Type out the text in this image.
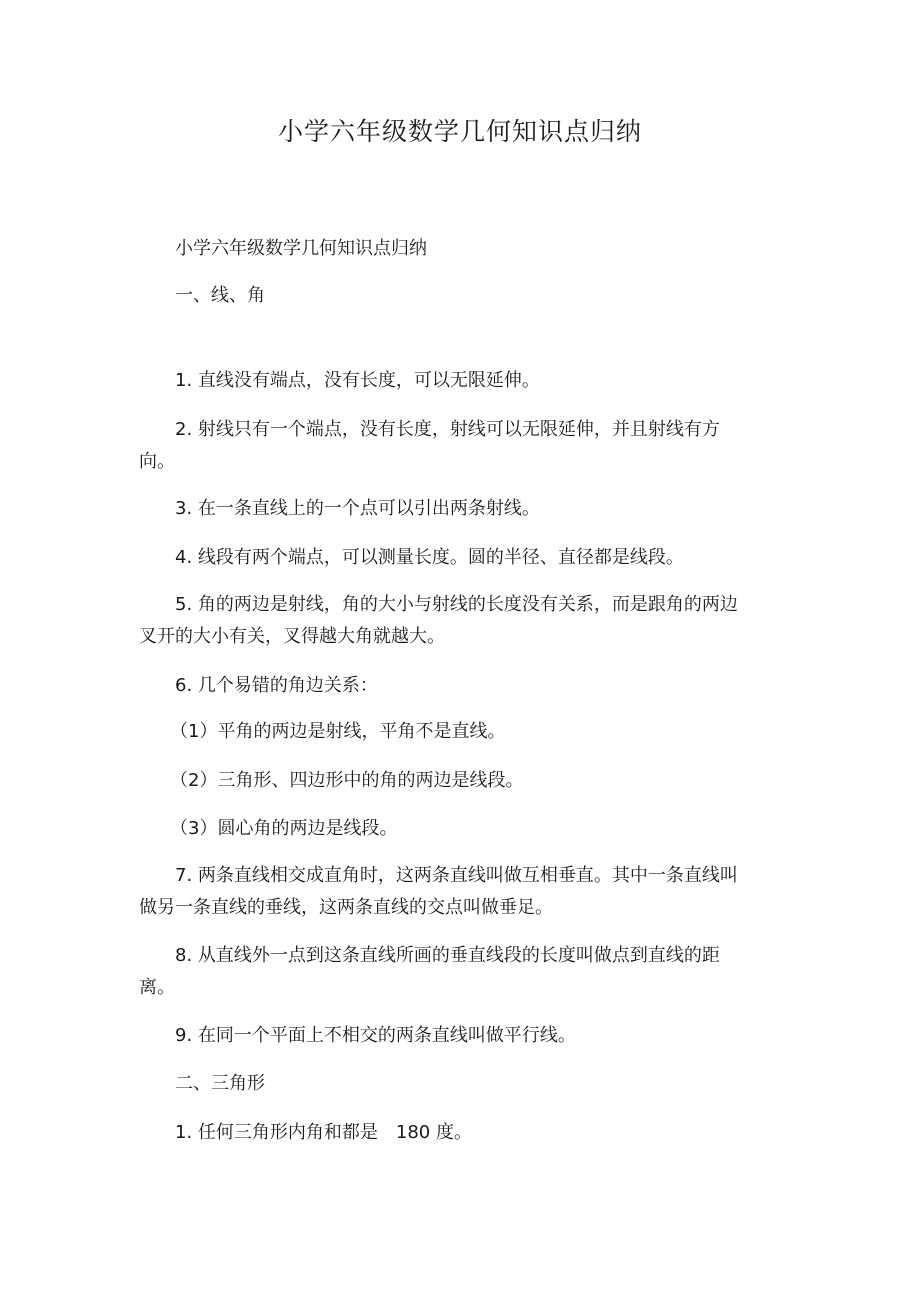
小学六年级数学几何知识点归纳

小学六年级数学几何知识点归纳

一、线、角

1. 直线没有端点，没有长度，可以无限延伸。

2. 射线只有一个端点，没有长度，射线可以无限延伸，并且射线有方向。

3. 在一条直线上的一个点可以引出两条射线。

4. 线段有两个端点，可以测量长度。圆的半径、直径都是线段。

5. 角的两边是射线，角的大小与射线的长度没有关系，而是跟角的两边叉开的大小有关，叉得越大角就越大。

6. 几个易错的角边关系：

（1）平角的两边是射线，平角不是直线。

（2）三角形、四边形中的角的两边是线段。

（3）圆心角的两边是线段。

7. 两条直线相交成直角时，这两条直线叫做互相垂直。其中一条直线叫做另一条直线的垂线，这两条直线的交点叫做垂足。

8. 从直线外一点到这条直线所画的垂直线段的长度叫做点到直线的距离。

9. 在同一个平面上不相交的两条直线叫做平行线。

二、三角形

1. 任何三角形内角和都是　180 度。
